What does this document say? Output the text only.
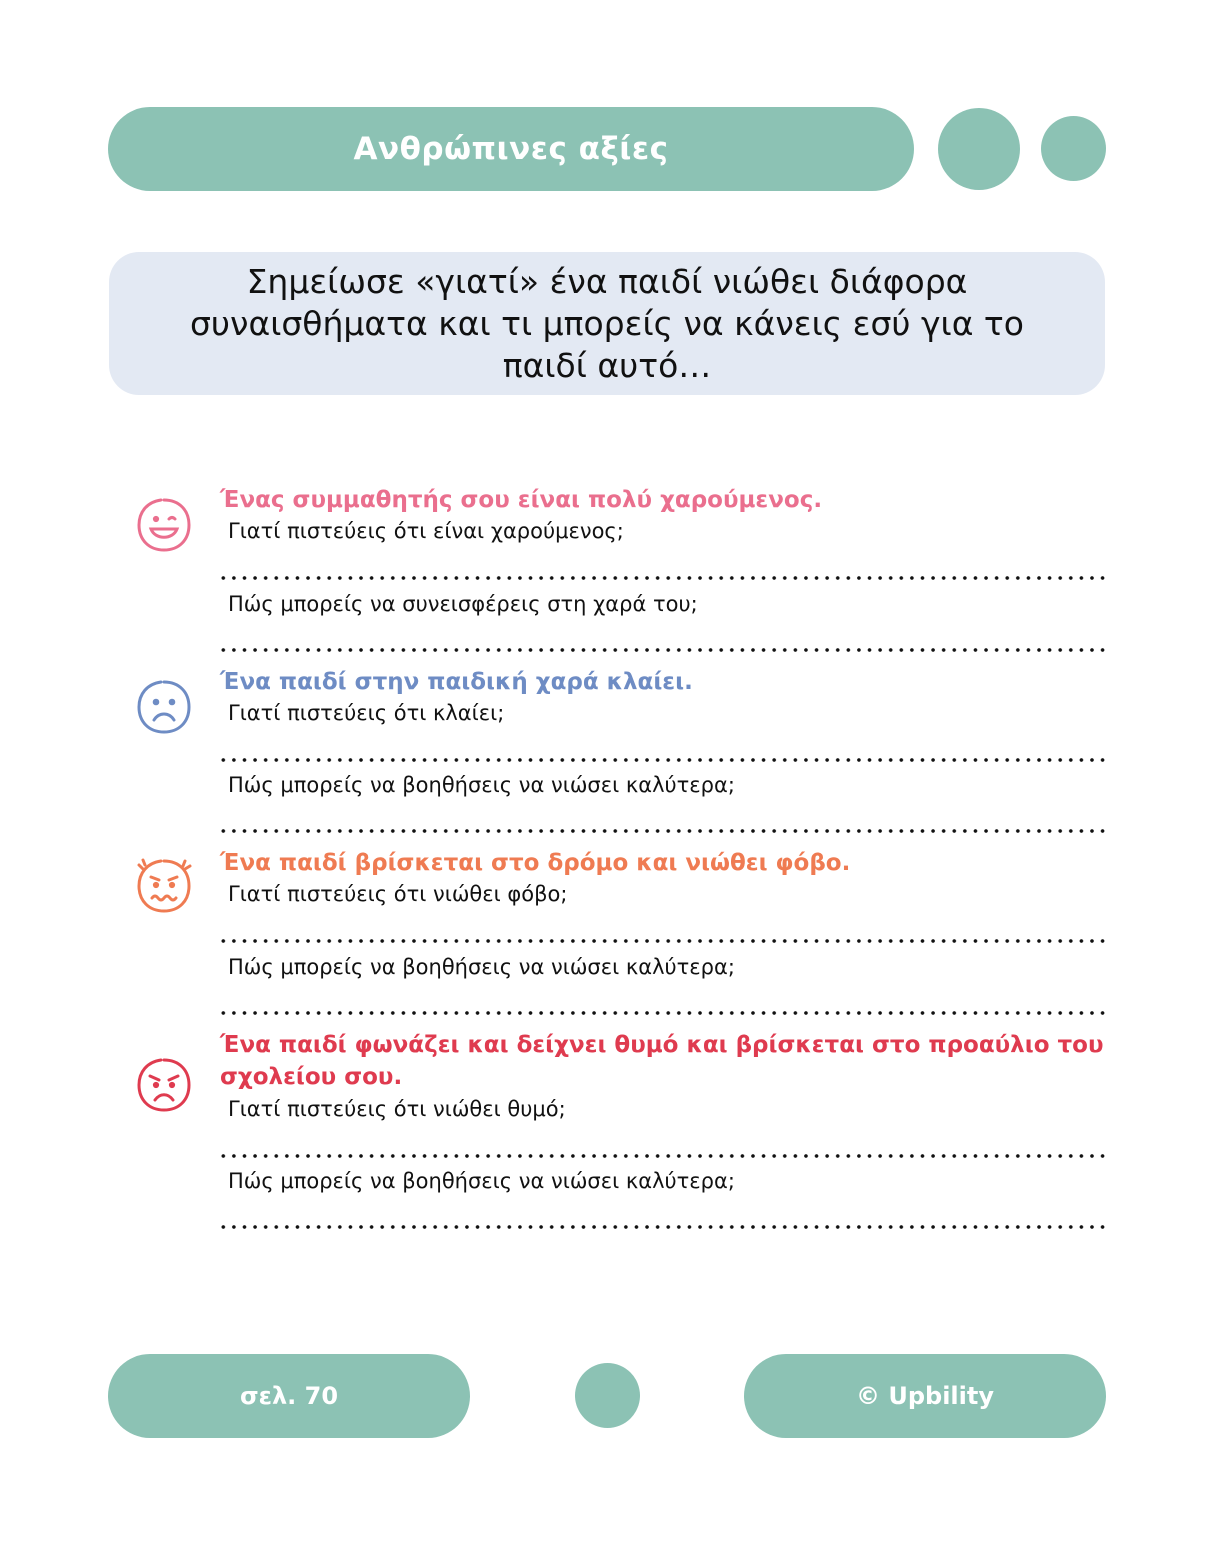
Ανθρώπινες αξίες
Σημείωσε «γιατί» ένα παιδί νιώθει διάφορα συναισθήματα και τι μπορείς να κάνεις εσύ για το παιδί αυτό…

Ένας συμμαθητής σου είναι πολύ χαρούμενος.

Γιατί πιστεύεις ότι είναι χαρούμενος;
Πώς μπορείς να συνεισφέρεις στη χαρά του;

Ένα παιδί στην παιδική χαρά κλαίει.

Γιατί πιστεύεις ότι κλαίει;
Πώς μπορείς να βοηθήσεις να νιώσει καλύτερα;

Ένα παιδί βρίσκεται στο δρόμο και νιώθει φόβο.

Γιατί πιστεύεις ότι νιώθει φόβο;
Πώς μπορείς να βοηθήσεις να νιώσει καλύτερα;

Ένα παιδί φωνάζει και δείχνει θυμό και βρίσκεται στο προαύλιο του σχολείου σου.

Γιατί πιστεύεις ότι νιώθει θυμό;
Πώς μπορείς να βοηθήσεις να νιώσει καλύτερα;
σελ. 70	© Upbility
